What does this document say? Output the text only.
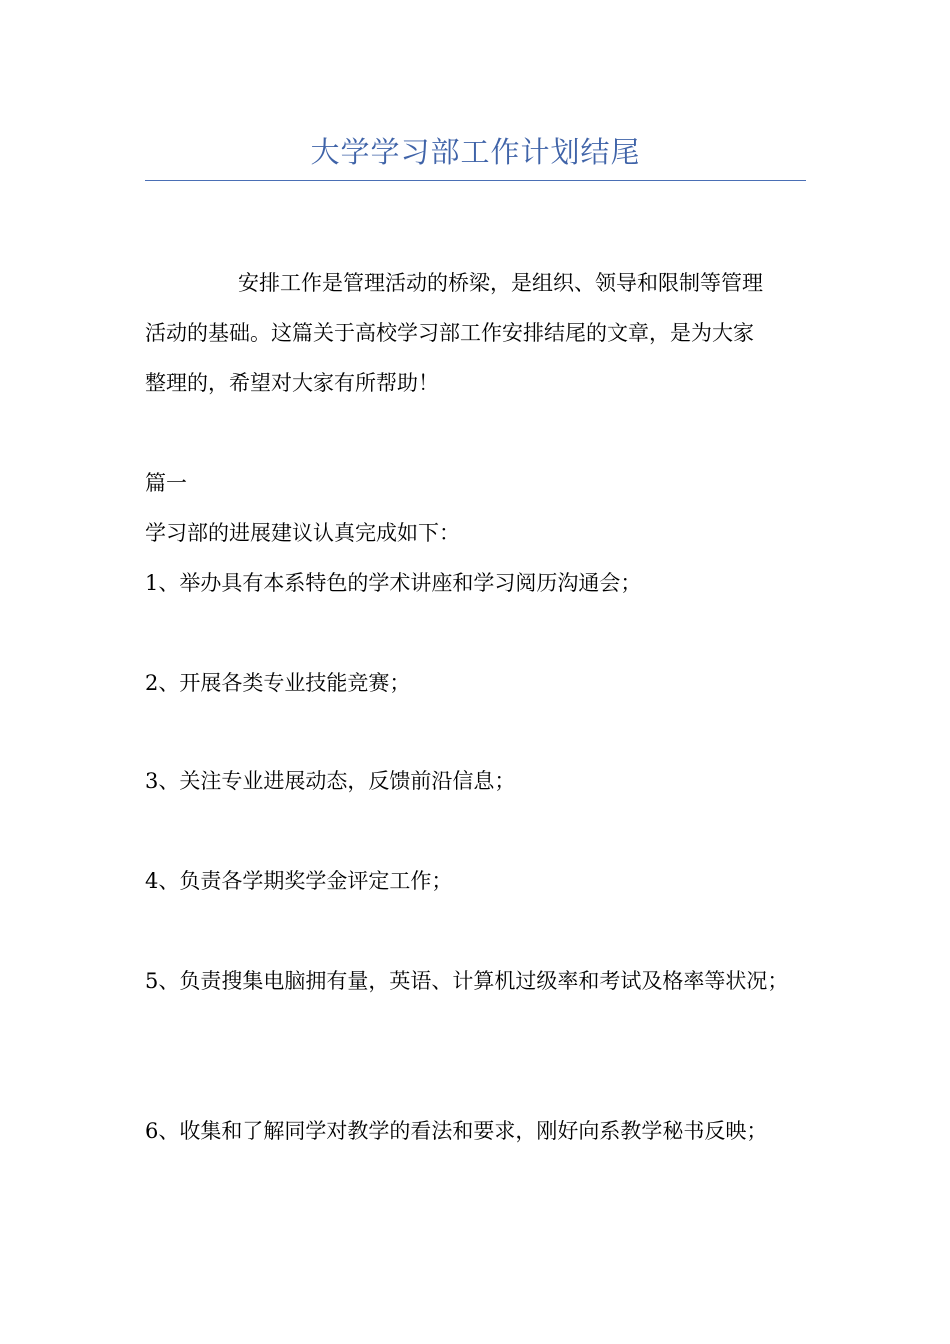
大学学习部工作计划结尾
安排工作是管理活动的桥梁，是组织、领导和限制等管理
活动的基础。这篇关于高校学习部工作安排结尾的文章，是为大家
整理的，希望对大家有所帮助！
篇一
学习部的进展建议认真完成如下：
1、举办具有本系特色的学术讲座和学习阅历沟通会；
2、开展各类专业技能竞赛；
3、关注专业进展动态，反馈前沿信息；
4、负责各学期奖学金评定工作；
5、负责搜集电脑拥有量，英语、计算机过级率和考试及格率等状况；
6、收集和了解同学对教学的看法和要求，刚好向系教学秘书反映；
